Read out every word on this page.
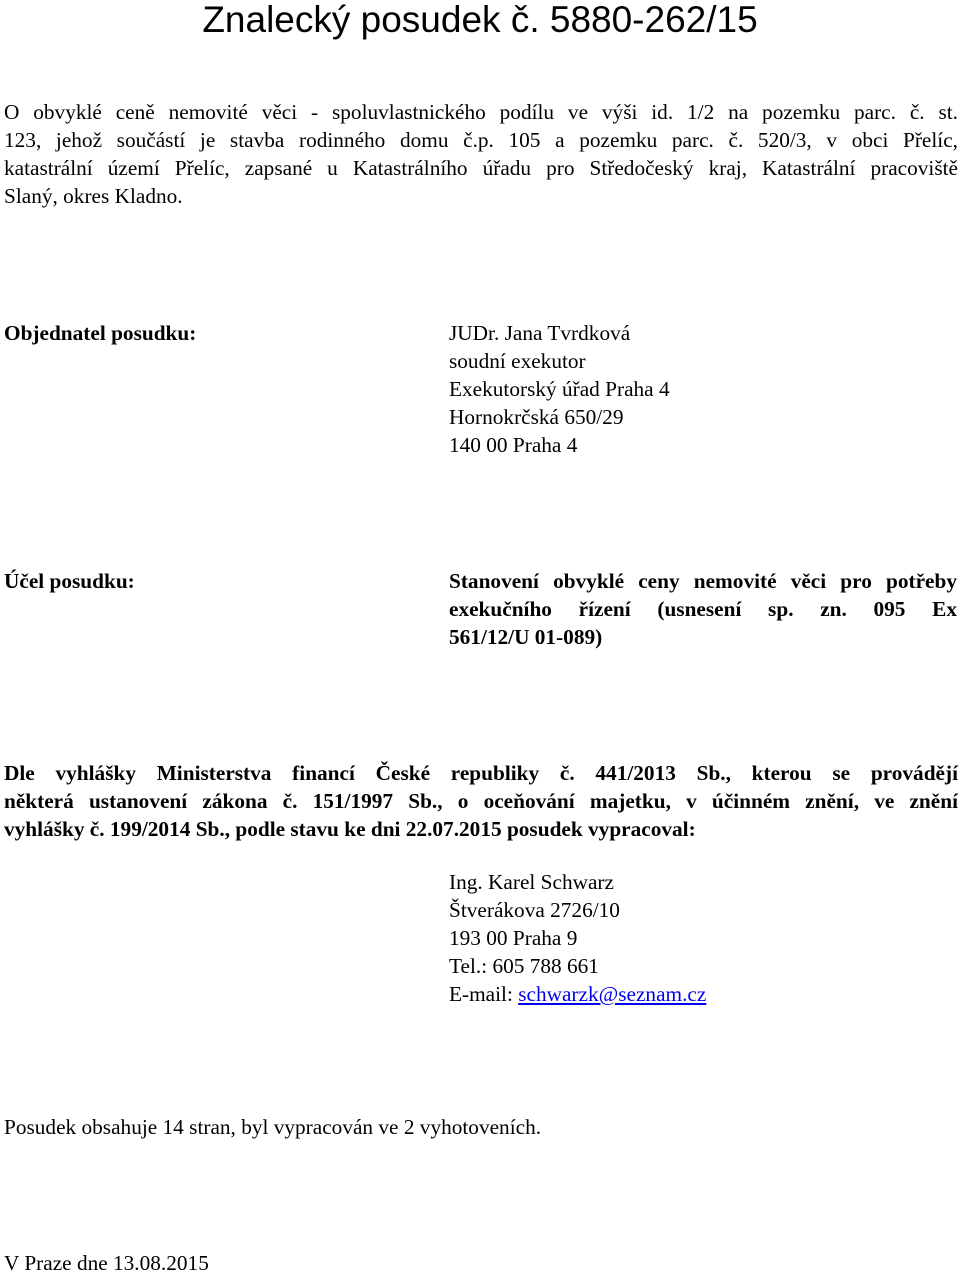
Znalecký posudek č. 5880-262/15
O obvyklé ceně nemovité věci - spoluvlastnického podílu ve výši id. 1/2 na pozemku parc. č. st.
123, jehož součástí je stavba rodinného domu č.p. 105 a pozemku parc. č. 520/3, v obci Přelíc,
katastrální území Přelíc, zapsané u Katastrálního úřadu pro Středočeský kraj, Katastrální pracoviště
Slaný, okres Kladno.
Objednatel posudku:	JUDr. Jana Tvrdková
soudní exekutor
Exekutorský úřad Praha 4
Hornokrčská 650/29
140 00 Praha 4
Účel posudku:	Stanovení obvyklé ceny nemovité věci pro potřeby
exekučního řízení (usnesení sp. zn. 095 Ex
561/12/U 01-089)
Dle vyhlášky Ministerstva financí České republiky č. 441/2013 Sb., kterou se provádějí
některá ustanovení zákona č. 151/1997 Sb., o oceňování majetku, v účinném znění, ve znění
vyhlášky č. 199/2014 Sb., podle stavu ke dni 22.07.2015 posudek vypracoval:
Ing. Karel Schwarz
Štverákova 2726/10
193 00 Praha 9
Tel.: 605 788 661
E-mail: schwarzk@seznam.cz
Posudek obsahuje 14 stran, byl vypracován ve 2 vyhotoveních.
V Praze dne 13.08.2015
